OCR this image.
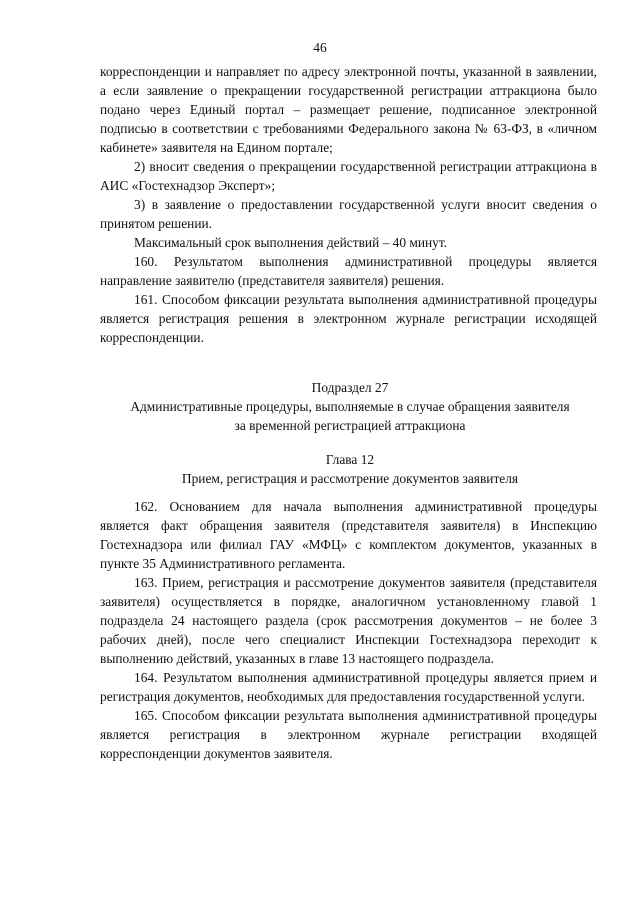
46

корреспонденции и направляет по адресу электронной почты, указанной в заявлении, а если заявление о прекращении государственной регистрации аттракциона было подано через Единый портал – размещает решение, подписанное электронной подписью в соответствии с требованиями Федерального закона № 63-ФЗ, в «личном кабинете» заявителя на Едином портале;

2) вносит сведения о прекращении государственной регистрации аттракциона в АИС «Гостехнадзор Эксперт»;

3) в заявление о предоставлении государственной услуги вносит сведения о принятом решении.

Максимальный срок выполнения действий – 40 минут.

160. Результатом выполнения административной процедуры является направление заявителю (представителя заявителя) решения.

161. Способом фиксации результата выполнения административной процедуры является регистрация решения в электронном журнале регистрации исходящей корреспонденции.

Подраздел 27
Административные процедуры, выполняемые в случае обращения заявителя
за временной регистрацией аттракциона
Глава 12
Прием, регистрация и рассмотрение документов заявителя

162. Основанием для начала выполнения административной процедуры является факт обращения заявителя (представителя заявителя) в Инспекцию Гостехнадзора или филиал ГАУ «МФЦ» с комплектом документов, указанных в пункте 35 Административного регламента.

163. Прием, регистрация и рассмотрение документов заявителя (представителя заявителя) осуществляется в порядке, аналогичном установленному главой 1 подраздела 24 настоящего раздела (срок рассмотрения документов – не более 3 рабочих дней), после чего специалист Инспекции Гостехнадзора переходит к выполнению действий, указанных в главе 13 настоящего подраздела.

164. Результатом выполнения административной процедуры является прием и регистрация документов, необходимых для предоставления государственной услуги.

165. Способом фиксации результата выполнения административной процедуры является регистрация в электронном журнале регистрации входящей корреспонденции документов заявителя.
